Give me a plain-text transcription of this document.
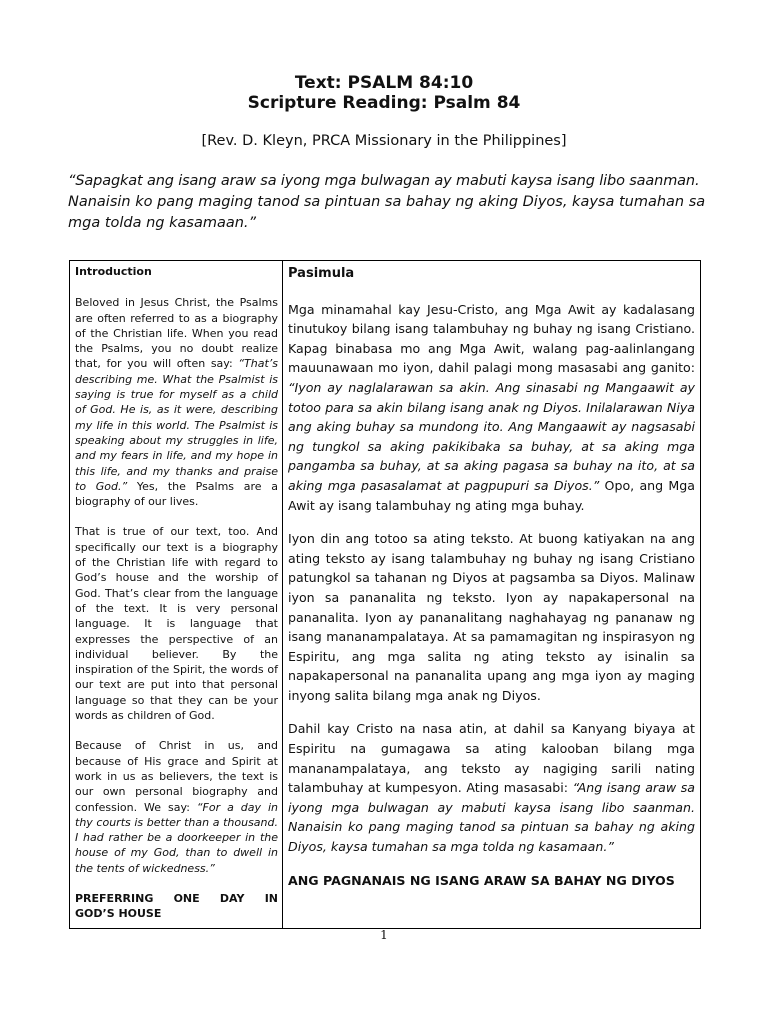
Text: PSALM 84:10
Scripture Reading: Psalm 84
[Rev. D. Kleyn, PRCA Missionary in the Philippines]
“Sapagkat ang isang araw sa iyong mga bulwagan ay mabuti kaysa isang libo saanman.
Nanaisin ko pang maging tanod sa pintuan sa bahay ng aking Diyos, kaysa tumahan sa
mga tolda ng kasamaan.”
Introduction

Beloved in Jesus Christ, the Psalms are often referred to as a biography of the Christian life. When you read the Psalms, you no doubt realize that, for you will often say: “That’s describing me. What the Psalmist is saying is true for myself as a child of God. He is, as it were, describing my life in this world. The Psalmist is speaking about my struggles in life, and my fears in life, and my hope in this life, and my thanks and praise to God.” Yes, the Psalms are a biography of our lives.

That is true of our text, too. And specifically our text is a biography of the Christian life with regard to God’s house and the worship of God. That’s clear from the language of the text. It is very personal language. It is language that expresses the perspective of an individual believer. By the inspiration of the Spirit, the words of our text are put into that personal language so that they can be your words as children of God.

Because of Christ in us, and because of His grace and Spirit at work in us as believers, the text is our own personal biography and confession. We say: “For a day in thy courts is better than a thousand. I had rather be a doorkeeper in the house of my God, than to dwell in the tents of wickedness.”

PREFERRING ONE DAY IN

GOD’S HOUSE

Pasimula

Mga minamahal kay Jesu-Cristo, ang Mga Awit ay kadalasang tinutukoy bilang isang talambuhay ng buhay ng isang Cristiano. Kapag binabasa mo ang Mga Awit, walang pag-aalinlangang mauunawaan mo iyon, dahil palagi mong masasabi ang ganito: “Iyon ay naglalarawan sa akin. Ang sinasabi ng Mangaawit ay totoo para sa akin bilang isang anak ng Diyos. Inilalarawan Niya ang aking buhay sa mundong ito. Ang Mangaawit ay nagsasabi ng tungkol sa aking pakikibaka sa buhay, at sa aking mga pangamba sa buhay, at sa aking pagasa sa buhay na ito, at sa aking mga pasasalamat at pagpupuri sa Diyos.” Opo, ang Mga Awit ay isang talambuhay ng ating mga buhay.

Iyon din ang totoo sa ating teksto. At buong katiyakan na ang ating teksto ay isang talambuhay ng buhay ng isang Cristiano patungkol sa tahanan ng Diyos at pagsamba sa Diyos. Malinaw iyon sa pananalita ng teksto. Iyon ay napakapersonal na pananalita. Iyon ay pananalitang naghahayag ng pananaw ng isang mananampalataya. At sa pamamagitan ng inspirasyon ng Espiritu, ang mga salita ng ating teksto ay isinalin sa napakapersonal na pananalita upang ang mga iyon ay maging inyong salita bilang mga anak ng Diyos.

Dahil kay Cristo na nasa atin, at dahil sa Kanyang biyaya at Espiritu na gumagawa sa ating kalooban bilang mga mananampalataya, ang teksto ay nagiging sarili nating talambuhay at kumpesyon. Ating masasabi: “Ang isang araw sa iyong mga bulwagan ay mabuti kaysa isang libo saanman. Nanaisin ko pang maging tanod sa pintuan sa bahay ng aking Diyos, kaysa tumahan sa mga tolda ng kasamaan.”

ANG PAGNANAIS NG ISANG ARAW SA BAHAY NG DIYOS

1
